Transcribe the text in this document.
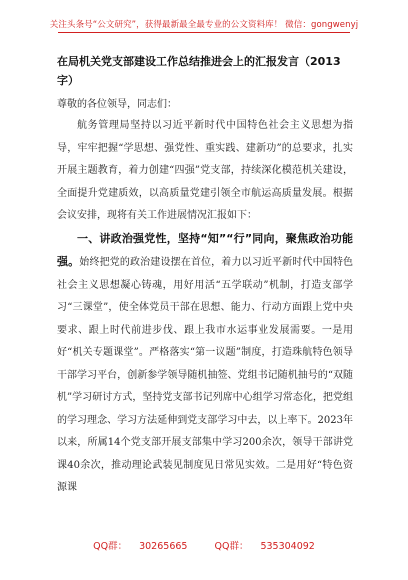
关注头条号“公文研究”，获得最新最全最专业的公文资料库！ 微信：gongwenyj
在局机关党支部建设工作总结推进会上的汇报发言（2013字）

尊敬的各位领导，同志们：

航务管理局坚持以习近平新时代中国特色社会主义思想为指导，牢牢把握“学思想、强党性、重实践、建新功”的总要求，扎实开展主题教育，着力创建“四强”党支部，持续深化模范机关建设，全面提升党建质效，以高质量党建引领全市航运高质量发展。根据会议安排，现将有关工作进展情况汇报如下：

一、讲政治强党性，坚持“知”“行”同向，聚焦政治功能强。始终把党的政治建设摆在首位，着力以习近平新时代中国特色社会主义思想凝心铸魂，用好用活“五学联动”机制，打造支部学习“三课堂”，使全体党员干部在思想、能力、行动方面跟上党中央要求、跟上时代前进步伐、跟上我市水运事业发展需要。一是用好“机关专题课堂”。严格落实“第一议题”制度，打造珠航特色领导干部学习平台，创新参学领导随机抽签、党组书记随机抽号的“双随机”学习研讨方式，坚持党支部书记列席中心组学习常态化，把党组的学习理念、学习方法延伸到党支部学习中去，以上率下。2023年以来，所属14个党支部开展支部集中学习200余次，领导干部讲党课40余次，推动理论武装见制度见日常见实效。二是用好“特色资源课

QQ群： 30265665	QQ群： 535304092
